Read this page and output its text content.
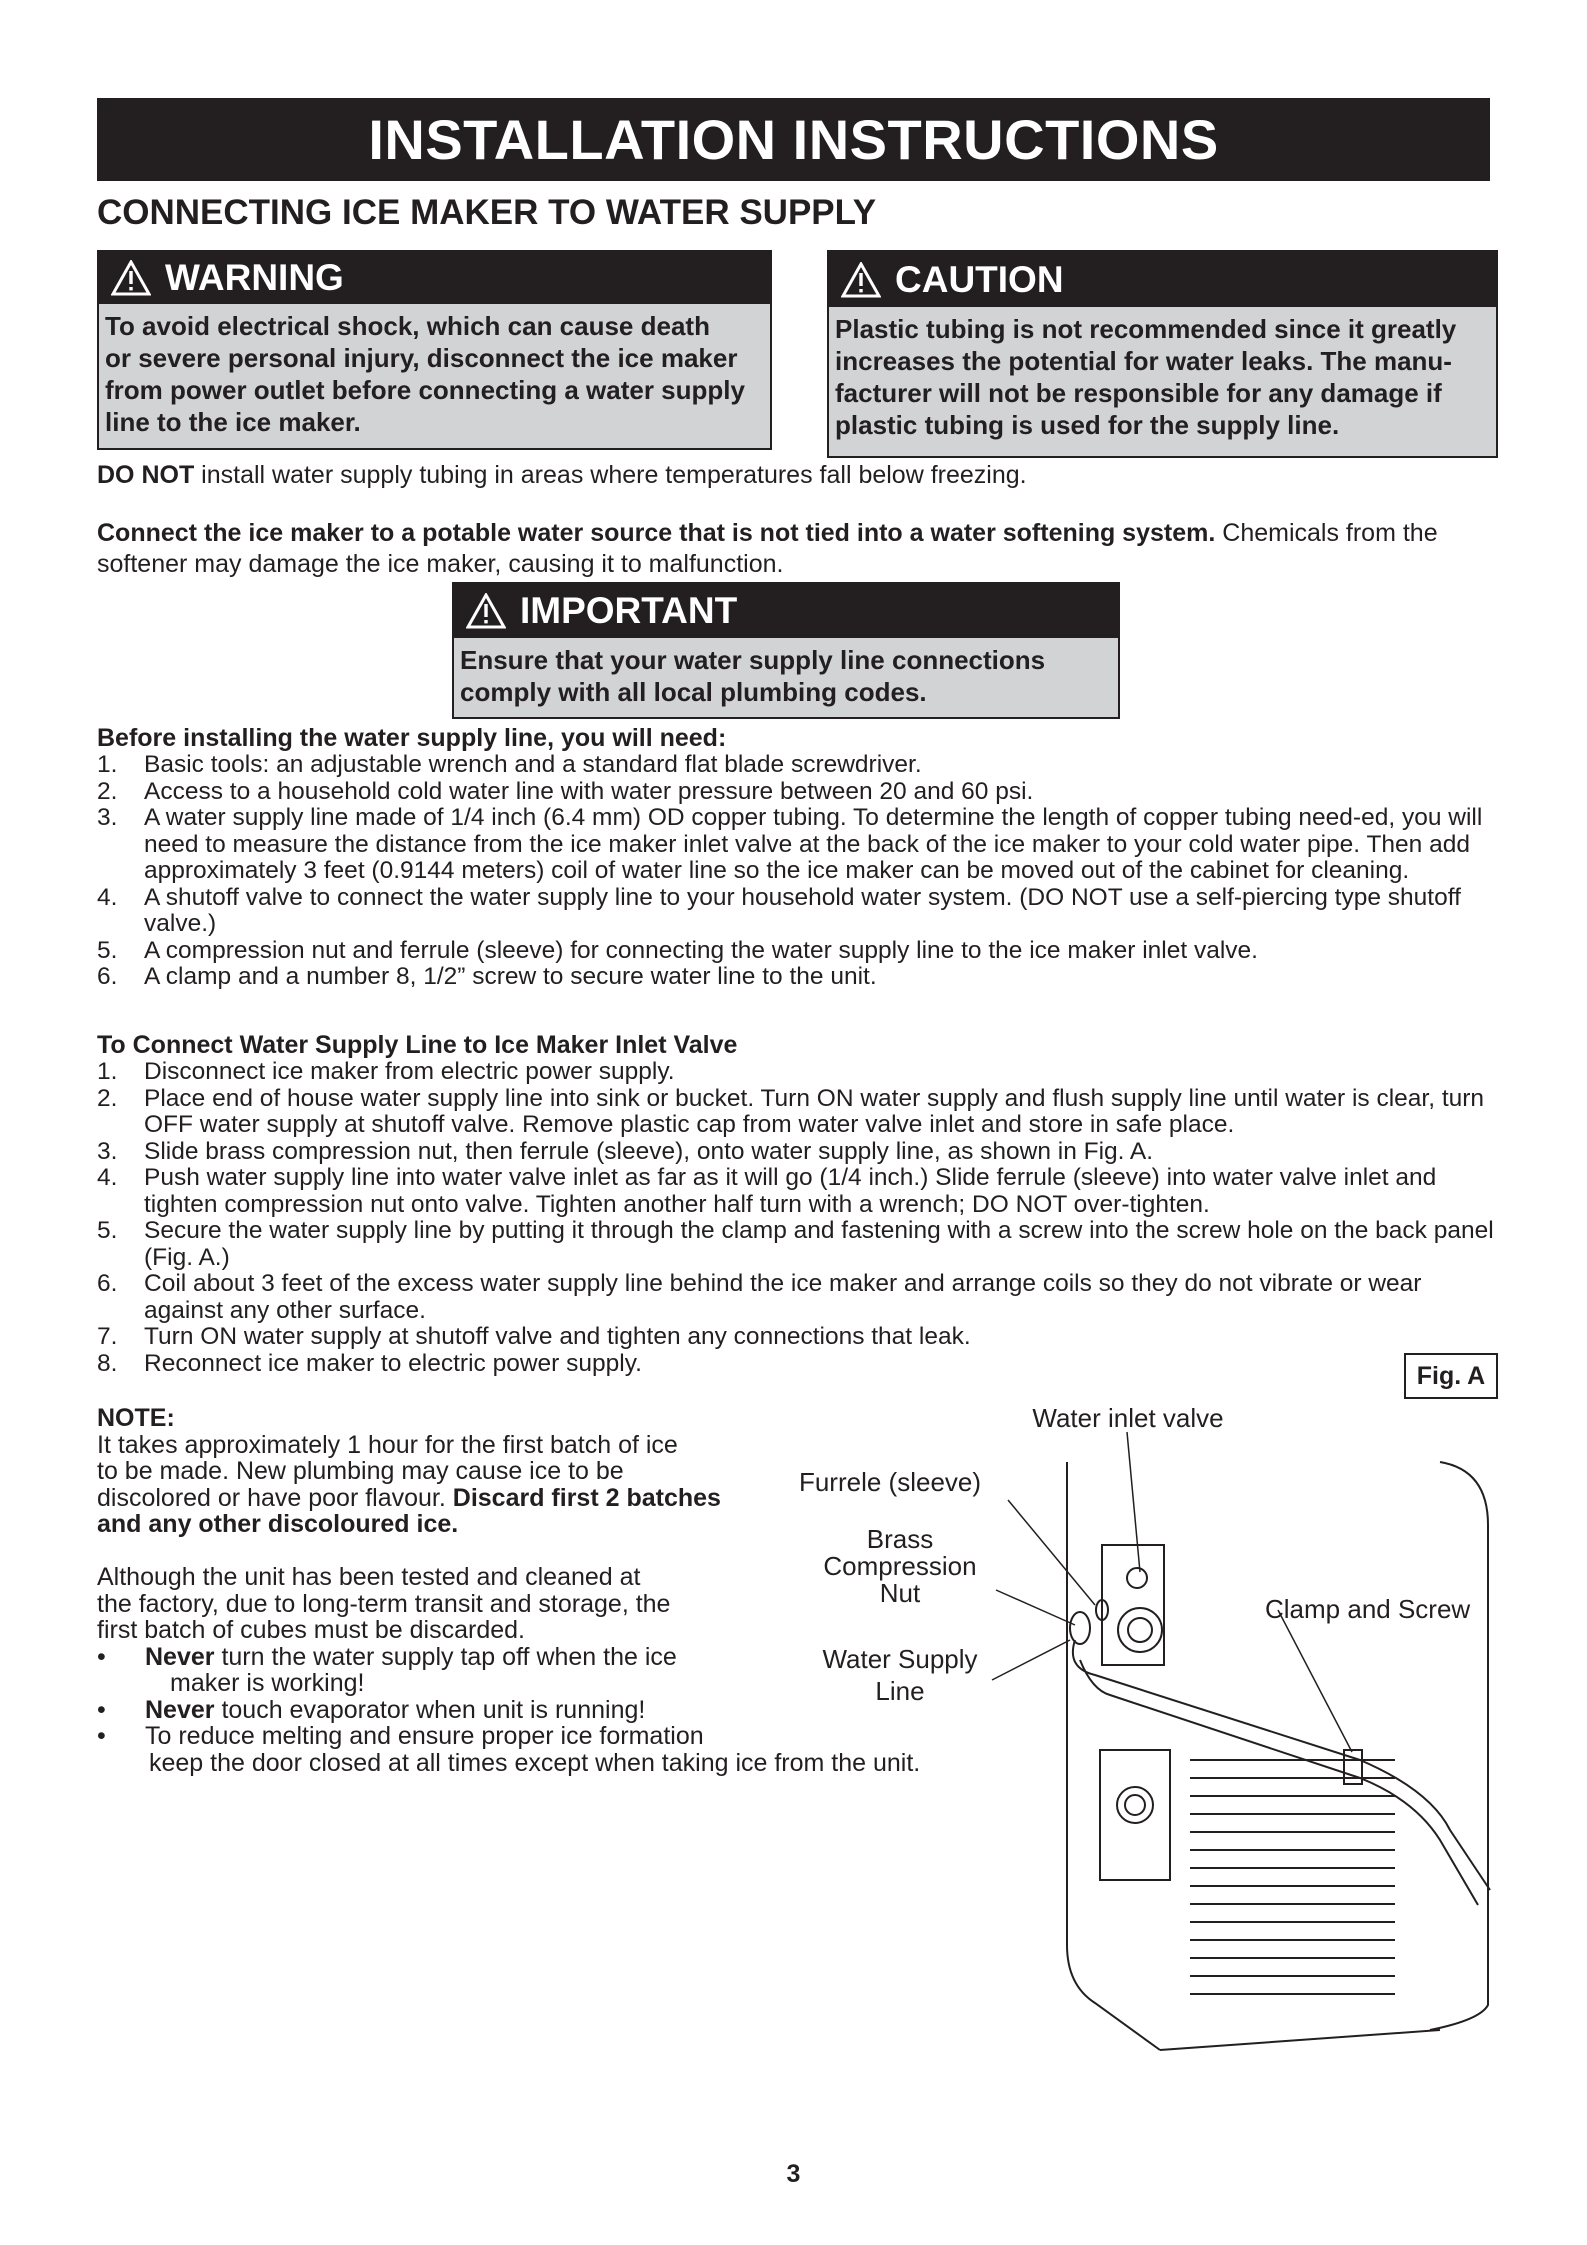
INSTALLATION INSTRUCTIONS
CONNECTING ICE MAKER TO WATER SUPPLY
WARNING
To avoid electrical shock, which can cause death
or severe personal injury, disconnect the ice maker
from power outlet before connecting a water supply
line to the ice maker.
CAUTION
Plastic tubing is not recommended since it greatly
increases the potential for water leaks. The manu-
facturer will not be responsible for any damage if
plastic tubing is used for the supply line.
DO NOT install water supply tubing in areas where temperatures fall below freezing.
Connect the ice maker to a potable water source that is not tied into a water softening system. Chemicals from the softener may damage the ice maker, causing it to malfunction.
IMPORTANT
Ensure that your water supply line connections
comply with all local plumbing codes.
Before installing the water supply line, you will need:
1. Basic tools: an adjustable wrench and a standard flat blade screwdriver.
2. Access to a household cold water line with water pressure between 20 and 60 psi.
3. A water supply line made of 1/4 inch (6.4 mm) OD copper tubing. To determine the length of copper tubing need-ed, you will need to measure the distance from the ice maker inlet valve at the back of the ice maker to your cold water pipe. Then add approximately 3 feet (0.9144 meters) coil of water line so the ice maker can be moved out of the cabinet for cleaning.
4. A shutoff valve to connect the water supply line to your household water system. (DO NOT use a self-piercing type shutoff valve.)
5. A compression nut and ferrule (sleeve) for connecting the water supply line to the ice maker inlet valve.
6. A clamp and a number 8, 1/2” screw to secure water line to the unit.
To Connect Water Supply Line to Ice Maker Inlet Valve
1. Disconnect ice maker from electric power supply.
2. Place end of house water supply line into sink or bucket. Turn ON water supply and flush supply line until water is clear, turn OFF water supply at shutoff valve. Remove plastic cap from water valve inlet and store in safe place.
3. Slide brass compression nut, then ferrule (sleeve), onto water supply line, as shown in Fig. A.
4. Push water supply line into water valve inlet as far as it will go (1/4 inch.) Slide ferrule (sleeve) into water valve inlet and tighten compression nut onto valve. Tighten another half turn with a wrench; DO NOT over-tighten.
5. Secure the water supply line by putting it through the clamp and fastening with a screw into the screw hole on the back panel (Fig. A.)
6. Coil about 3 feet of the excess water supply line behind the ice maker and arrange coils so they do not vibrate or wear against any other surface.
7. Turn ON water supply at shutoff valve and tighten any connections that leak.
8. Reconnect ice maker to electric power supply.	Fig. A
NOTE:
It takes approximately 1 hour for the first batch of ice
to be made. New plumbing may cause ice to be
discolored or have poor flavour. Discard first 2 batches
and any other discoloured ice.
Although the unit has been tested and cleaned at
the factory, due to long-term transit and storage, the
first batch of cubes must be discarded.
• Never turn the water supply tap off when the ice
maker is working!
• Never touch evaporator when unit is running!
• To reduce melting and ensure proper ice formation
keep the door closed at all times except when taking ice from the unit.
Water inlet valve
Furrele (sleeve)
Brass
Compression
Nut
Water Supply
Line
Clamp and Screw
3
